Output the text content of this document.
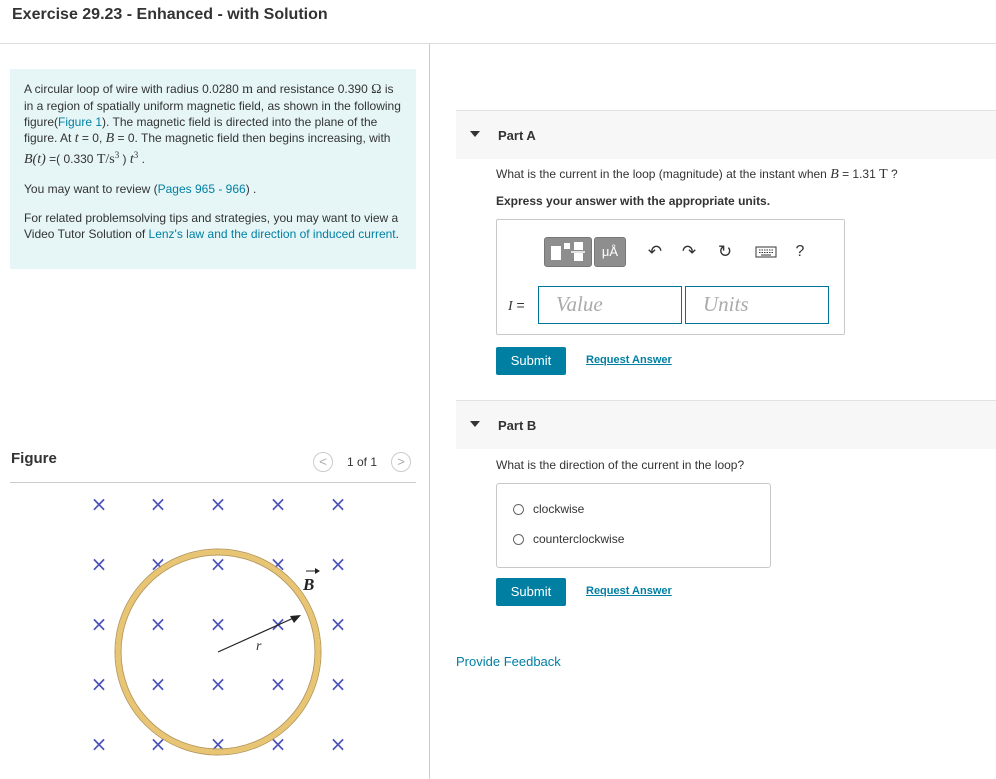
Exercise 29.23 - Enhanced - with Solution

A circular loop of wire with radius 0.0280 m and resistance 0.390 Ω is in a region of spatially uniform magnetic field, as shown in the following figure(Figure 1). The magnetic field is directed into the plane of the figure. At t = 0, B = 0. The magnetic field then begins increasing, with B(t) =( 0.330 $T/s^3$ ) $t^3$ .

You may want to review (Pages 965 - 966) .

For related problemsolving tips and strategies, you may want to view a Video Tutor Solution of Lenz's law and the direction of induced current.

Figure	<	1 of 1	>
× × × × ×
× × × × ×
× × × × ×
× × × × ×
× × × × ×
r
B
Part A
What is the current in the loop (magnitude) at the instant when B = 1.31 T ?
Express your answer with the appropriate units.
μÅ	↶ ↷ ↻	?
I =	Value	Units
Submit	Request Answer
Part B
What is the direction of the current in the loop?
clockwise
counterclockwise
Submit	Request Answer
Provide Feedback
